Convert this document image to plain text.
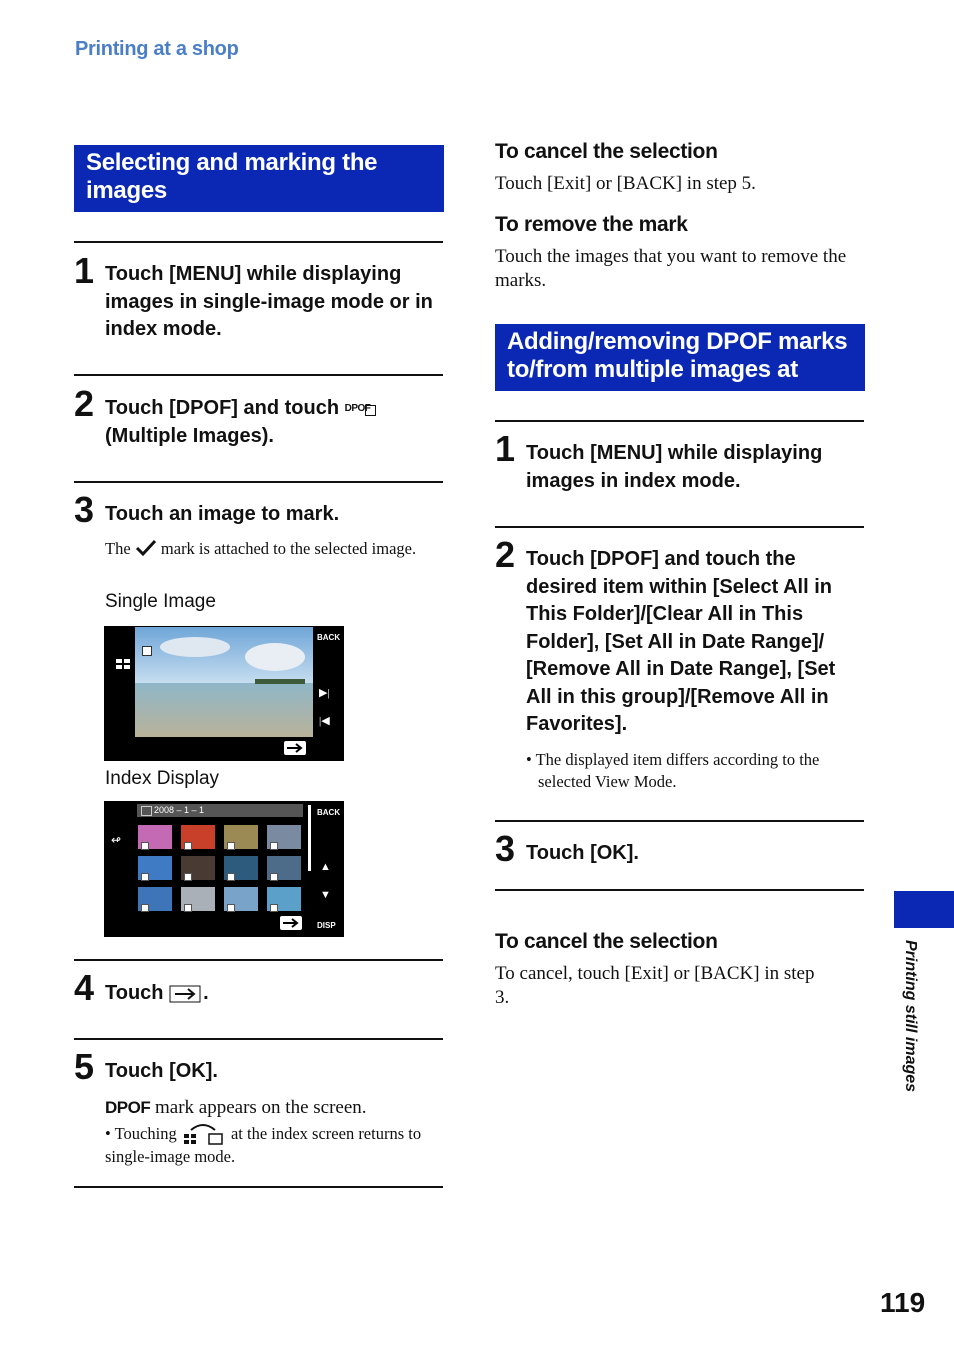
Printing at a shop
Selecting and marking the
images
1 Touch [MENU] while displaying images in single-image mode or in index mode.
2 Touch [DPOF] and touch DPOF

(Multiple Images).
3 Touch an image to mark.
The mark is attached to the selected image.
Single Image
BACK
▶|
|◀
Index Display
2008 – 1 – 1
↫
BACK
▲
▼
DISP
4 Touch .
5 Touch [OK].
DPOF mark appears on the screen.
• Touching	at the index screen returns to single-image mode.
To cancel the selection
Touch [Exit] or [BACK] in step 5.
To remove the mark
Touch the images that you want to remove the marks.
Adding/removing DPOF marks
to/from multiple images at once
1 Touch [MENU] while displaying images in index mode.
2 Touch [DPOF] and touch the desired item within [Select All in This Folder]/[Clear All in This Folder], [Set All in Date Range]/ [Remove All in Date Range], [Set All in this group]/[Remove All in Favorites].
• The displayed item differs according to the selected View Mode.
3 Touch [OK].
To cancel the selection
To cancel, touch [Exit] or [BACK] in step 3.	Printing still images
119
